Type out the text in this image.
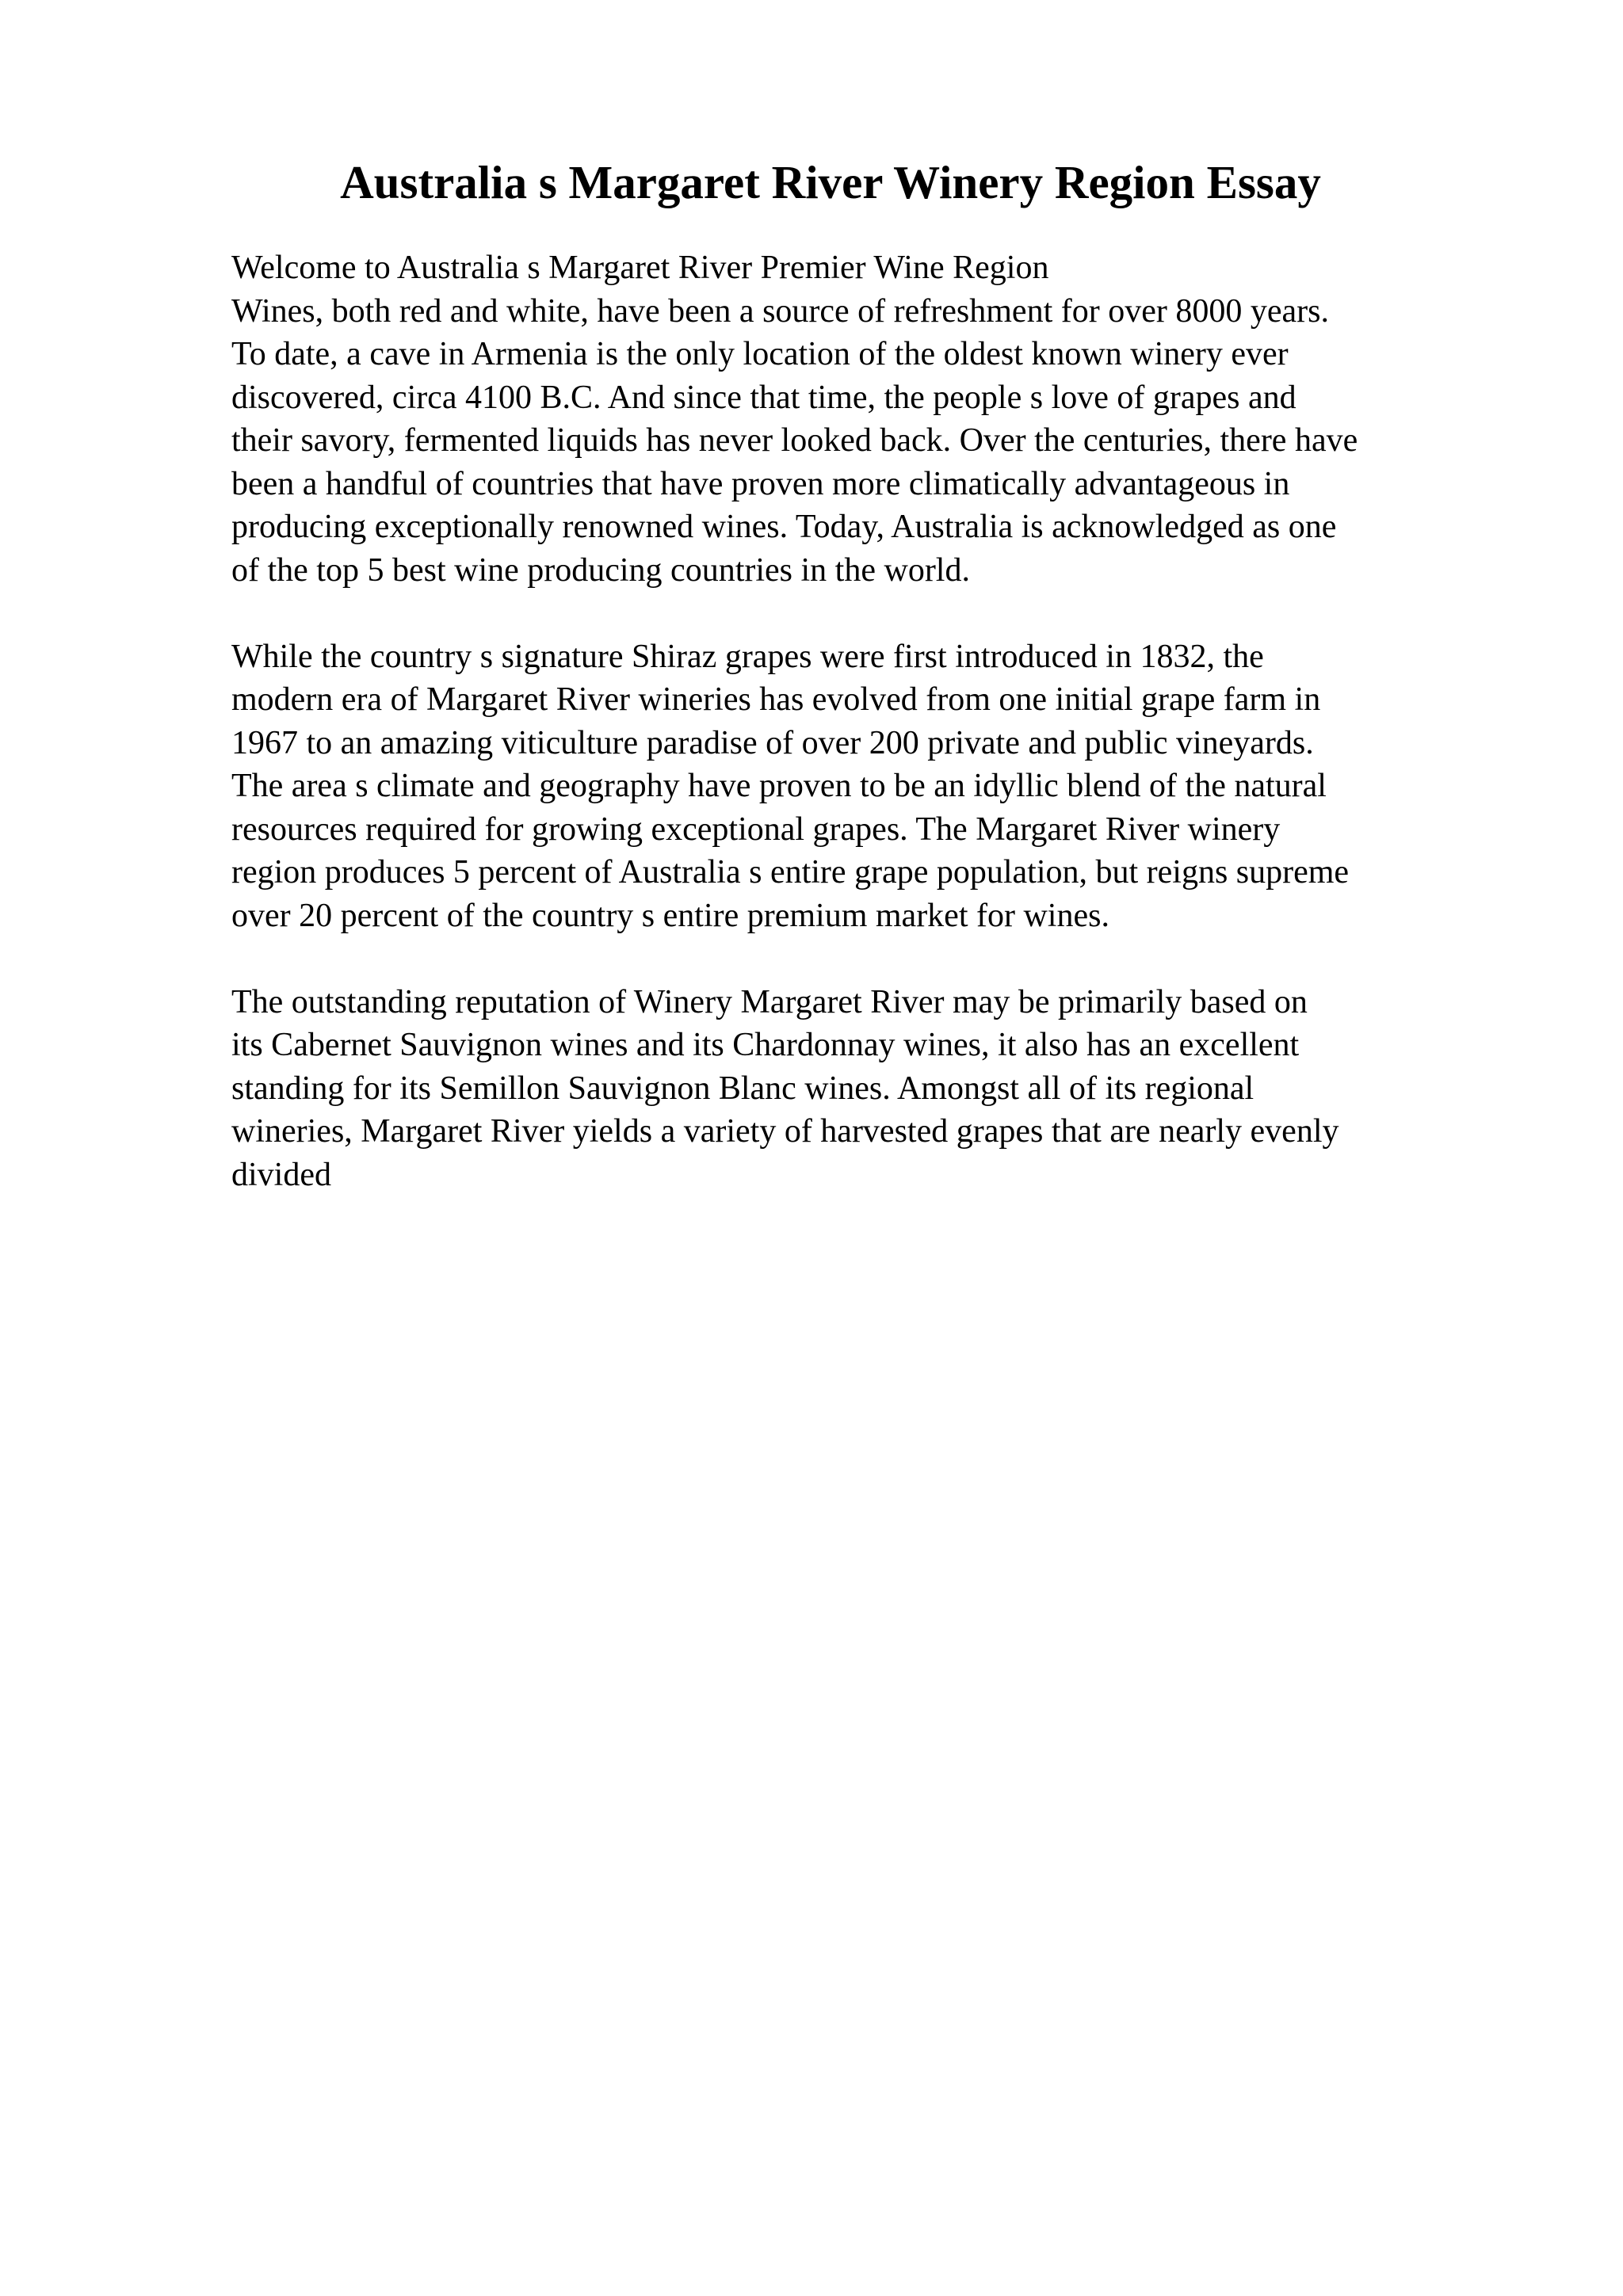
Australia s Margaret River Winery Region Essay

Welcome to Australia s Margaret River Premier Wine Region
Wines, both red and white, have been a source of refreshment for over 8000 years.
To date, a cave in Armenia is the only location of the oldest known winery ever
discovered, circa 4100 B.C. And since that time, the people s love of grapes and
their savory, fermented liquids has never looked back. Over the centuries, there have
been a handful of countries that have proven more climatically advantageous in
producing exceptionally renowned wines. Today, Australia is acknowledged as one
of the top 5 best wine producing countries in the world.

While the country s signature Shiraz grapes were first introduced in 1832, the
modern era of Margaret River wineries has evolved from one initial grape farm in
1967 to an amazing viticulture paradise of over 200 private and public vineyards.
The area s climate and geography have proven to be an idyllic blend of the natural
resources required for growing exceptional grapes. The Margaret River winery
region produces 5 percent of Australia s entire grape population, but reigns supreme
over 20 percent of the country s entire premium market for wines.

The outstanding reputation of Winery Margaret River may be primarily based on
its Cabernet Sauvignon wines and its Chardonnay wines, it also has an excellent
standing for its Semillon Sauvignon Blanc wines. Amongst all of its regional
wineries, Margaret River yields a variety of harvested grapes that are nearly evenly
divided
